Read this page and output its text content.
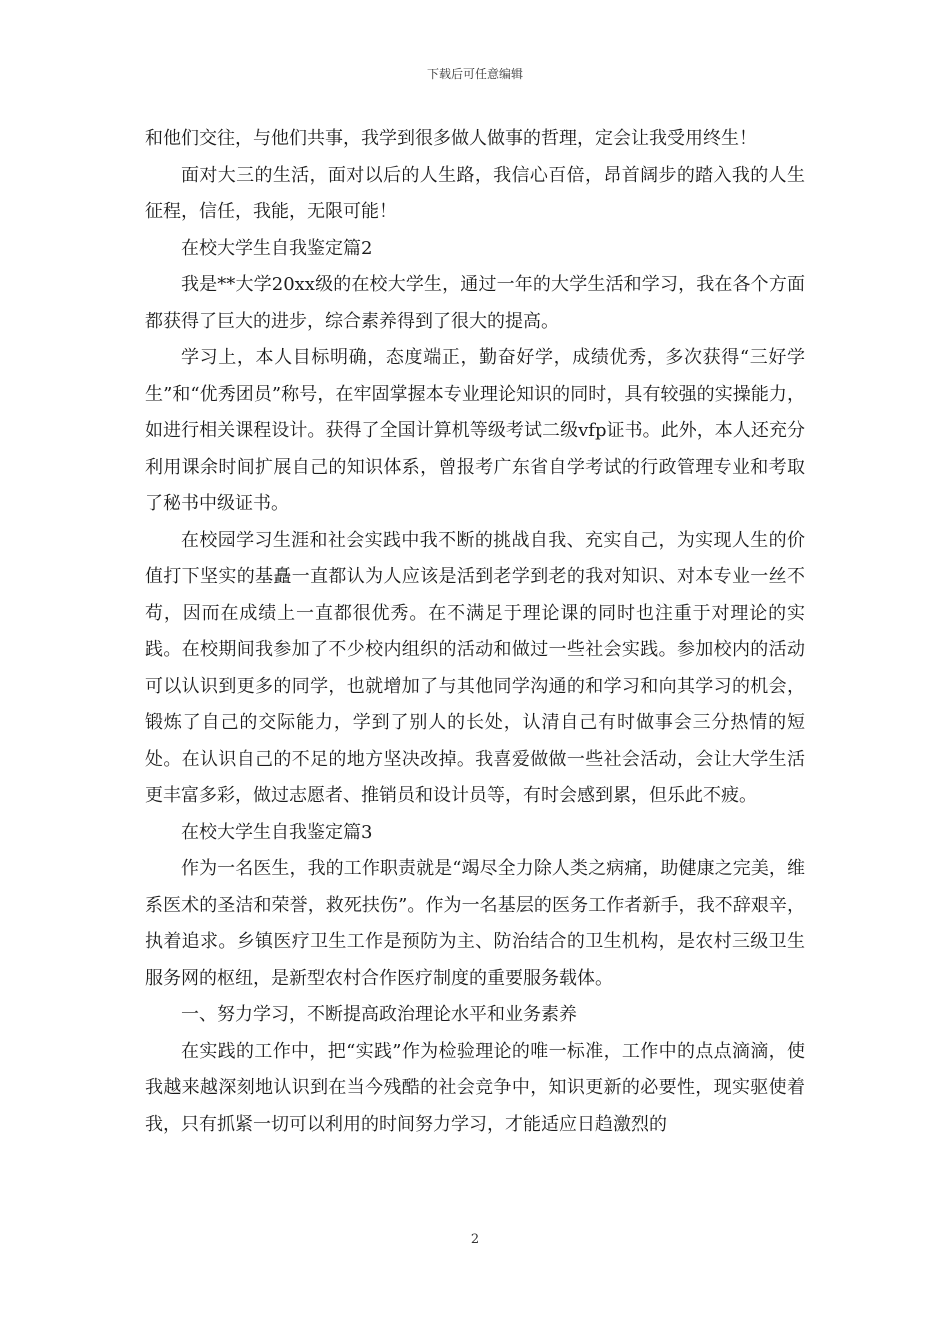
下载后可任意编辑

和他们交往，与他们共事，我学到很多做人做事的哲理，定会让我受用终生！

面对大三的生活，面对以后的人生路，我信心百倍，昂首阔步的踏入我的人生征程，信任，我能，无限可能！

在校大学生自我鉴定篇2

我是**大学20xx级的在校大学生，通过一年的大学生活和学习，我在各个方面都获得了巨大的进步，综合素养得到了很大的提高。

学习上，本人目标明确，态度端正，勤奋好学，成绩优秀，多次获得“三好学生”和“优秀团员”称号，在牢固掌握本专业理论知识的同时，具有较强的实操能力，如进行相关课程设计。获得了全国计算机等级考试二级vfp证书。此外，本人还充分利用课余时间扩展自己的知识体系，曾报考广东省自学考试的行政管理专业和考取了秘书中级证书。

在校园学习生涯和社会实践中我不断的挑战自我、充实自己，为实现人生的价值打下坚实的基矗一直都认为人应该是活到老学到老的我对知识、对本专业一丝不苟，因而在成绩上一直都很优秀。在不满足于理论课的同时也注重于对理论的实践。在校期间我参加了不少校内组织的活动和做过一些社会实践。参加校内的活动可以认识到更多的同学，也就增加了与其他同学沟通的和学习和向其学习的机会，锻炼了自己的交际能力，学到了别人的长处，认清自己有时做事会三分热情的短处。在认识自己的不足的地方坚决改掉。我喜爱做做一些社会活动，会让大学生活更丰富多彩，做过志愿者、推销员和设计员等，有时会感到累，但乐此不疲。

在校大学生自我鉴定篇3

作为一名医生，我的工作职责就是“竭尽全力除人类之病痛，助健康之完美，维系医术的圣洁和荣誉，救死扶伤”。作为一名基层的医务工作者新手，我不辞艰辛，执着追求。乡镇医疗卫生工作是预防为主、防治结合的卫生机构，是农村三级卫生服务网的枢纽，是新型农村合作医疗制度的重要服务载体。

一、努力学习，不断提高政治理论水平和业务素养

在实践的工作中，把“实践”作为检验理论的唯一标准，工作中的点点滴滴，使我越来越深刻地认识到在当今残酷的社会竞争中，知识更新的必要性，现实驱使着我，只有抓紧一切可以利用的时间努力学习，才能适应日趋激烈的

2
